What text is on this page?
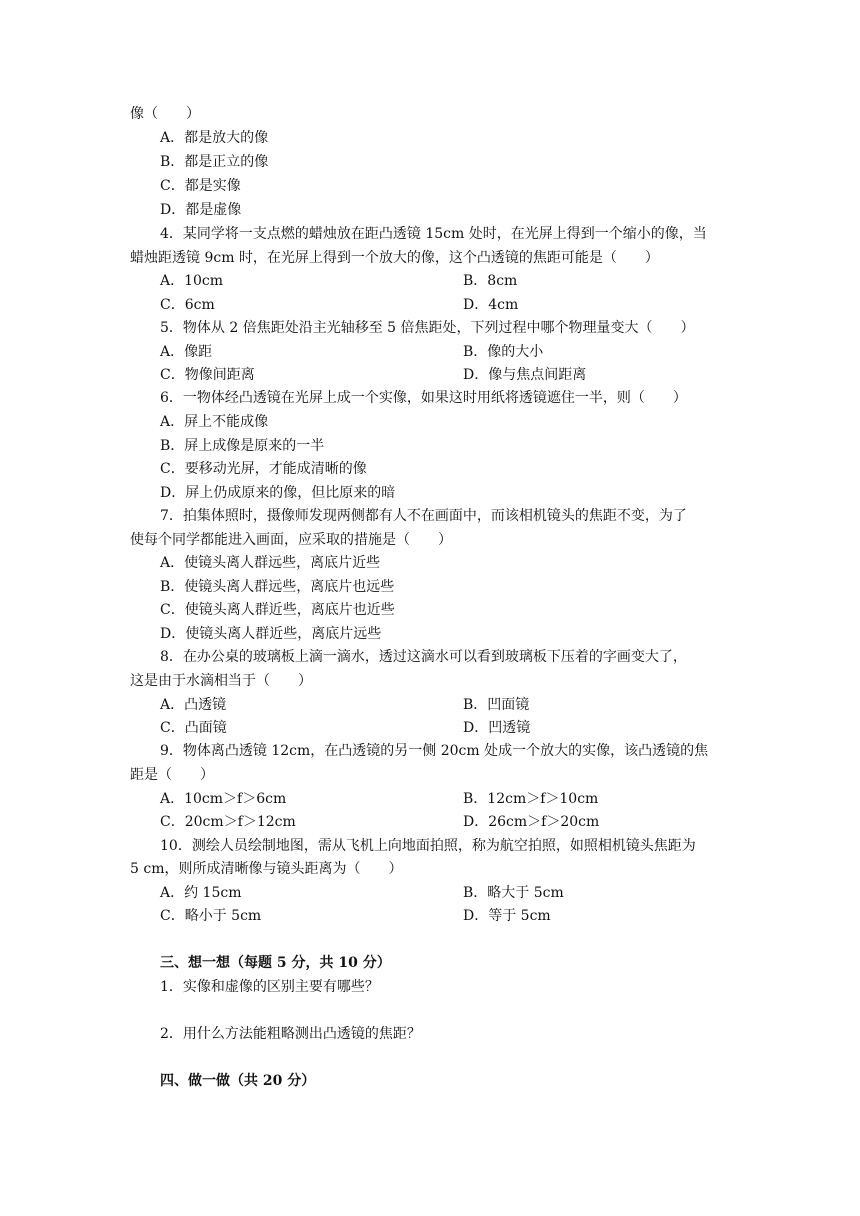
像（　　）
A．都是放大的像
B．都是正立的像
C．都是实像
D．都是虚像
4．某同学将一支点燃的蜡烛放在距凸透镜 15cm 处时，在光屏上得到一个缩小的像，当
蜡烛距透镜 9cm 时，在光屏上得到一个放大的像，这个凸透镜的焦距可能是（　　）
A．10cm	B．8cm
C．6cm	D．4cm
5．物体从 2 倍焦距处沿主光轴移至 5 倍焦距处，下列过程中哪个物理量变大（　　）
A．像距	B．像的大小
C．物像间距离	D．像与焦点间距离
6．一物体经凸透镜在光屏上成一个实像，如果这时用纸将透镜遮住一半，则（　　）
A．屏上不能成像
B．屏上成像是原来的一半
C．要移动光屏，才能成清晰的像
D．屏上仍成原来的像，但比原来的暗
7．拍集体照时，摄像师发现两侧都有人不在画面中，而该相机镜头的焦距不变，为了
使每个同学都能进入画面，应采取的措施是（　　）
A．使镜头离人群远些，离底片近些
B．使镜头离人群远些，离底片也远些
C．使镜头离人群近些，离底片也近些
D．使镜头离人群近些，离底片远些
8．在办公桌的玻璃板上滴一滴水，透过这滴水可以看到玻璃板下压着的字画变大了，
这是由于水滴相当于（　　）
A．凸透镜	B．凹面镜
C．凸面镜	D．凹透镜
9．物体离凸透镜 12cm，在凸透镜的另一侧 20cm 处成一个放大的实像，该凸透镜的焦
距是（　　）
A．10cm＞f＞6cm	B．12cm＞f＞10cm
C．20cm＞f＞12cm	D．26cm＞f＞20cm
10．测绘人员绘制地图，需从飞机上向地面拍照，称为航空拍照，如照相机镜头焦距为
5 cm，则所成清晰像与镜头距离为（　　）
A．约 15cm	B．略大于 5cm
C．略小于 5cm	D．等于 5cm
三、想一想（每题 5 分，共 10 分）
1．实像和虚像的区别主要有哪些？
2．用什么方法能粗略测出凸透镜的焦距？
四、做一做（共 20 分）
